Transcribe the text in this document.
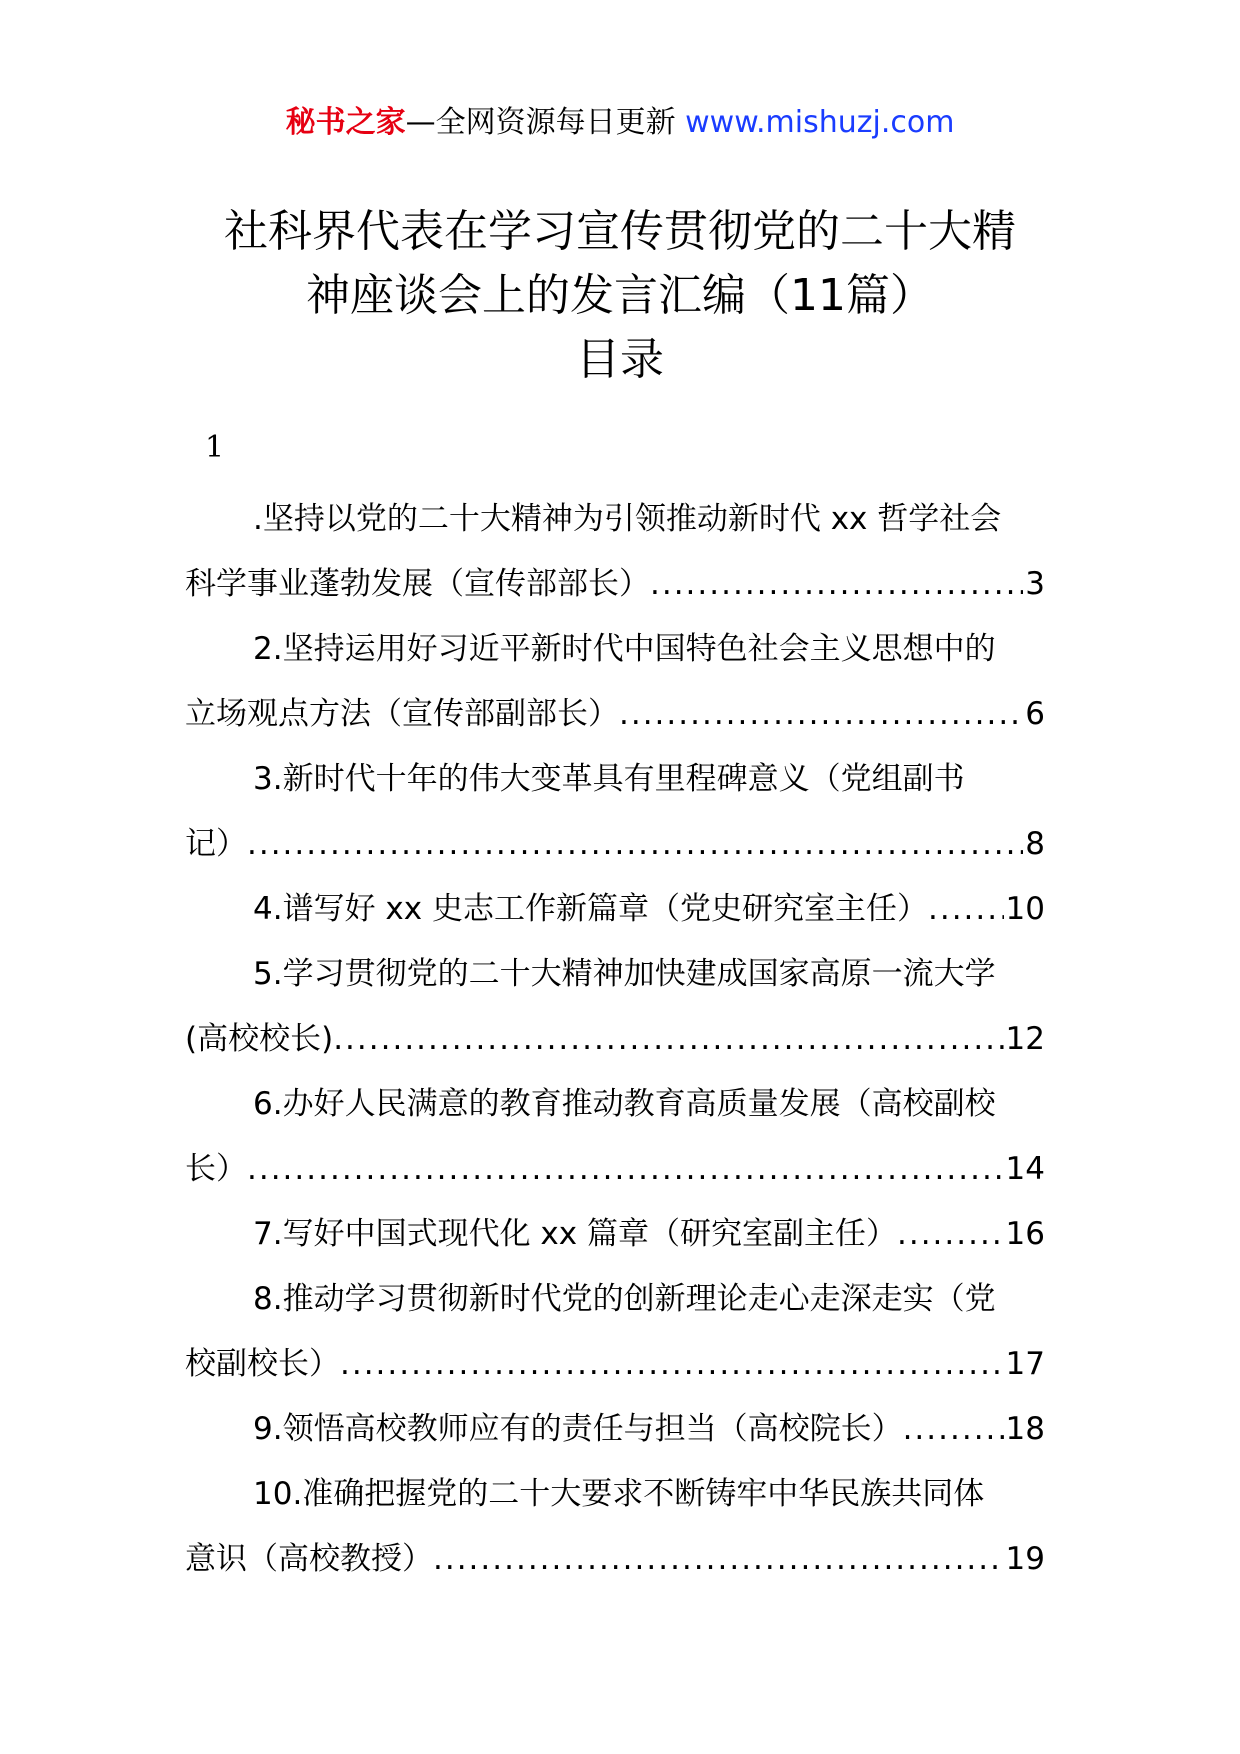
秘书之家—全网资源每日更新 www.mishuzj.com
社科界代表在学习宣传贯彻党的二十大精
神座谈会上的发言汇编（11篇）
目录
1
.坚持以党的二十大精神为引领推动新时代 xx 哲学社会
科学事业蓬勃发展（宣传部部长） .....	3
2.坚持运用好习近平新时代中国特色社会主义思想中的
立场观点方法（宣传部副部长） .....	6
3.新时代十年的伟大变革具有里程碑意义（党组副书
记） .....	8
4.谱写好 xx 史志工作新篇章（党史研究室主任） .....	10
5.学习贯彻党的二十大精神加快建成国家高原一流大学
(高校校长) .....	12
6.办好人民满意的教育推动教育高质量发展（高校副校
长） .....	14
7.写好中国式现代化 xx 篇章（研究室副主任） .....	16
8.推动学习贯彻新时代党的创新理论走心走深走实（党
校副校长） .....	17
9.领悟高校教师应有的责任与担当（高校院长） .....	18
10.准确把握党的二十大要求不断铸牢中华民族共同体
意识（高校教授） .....	19
